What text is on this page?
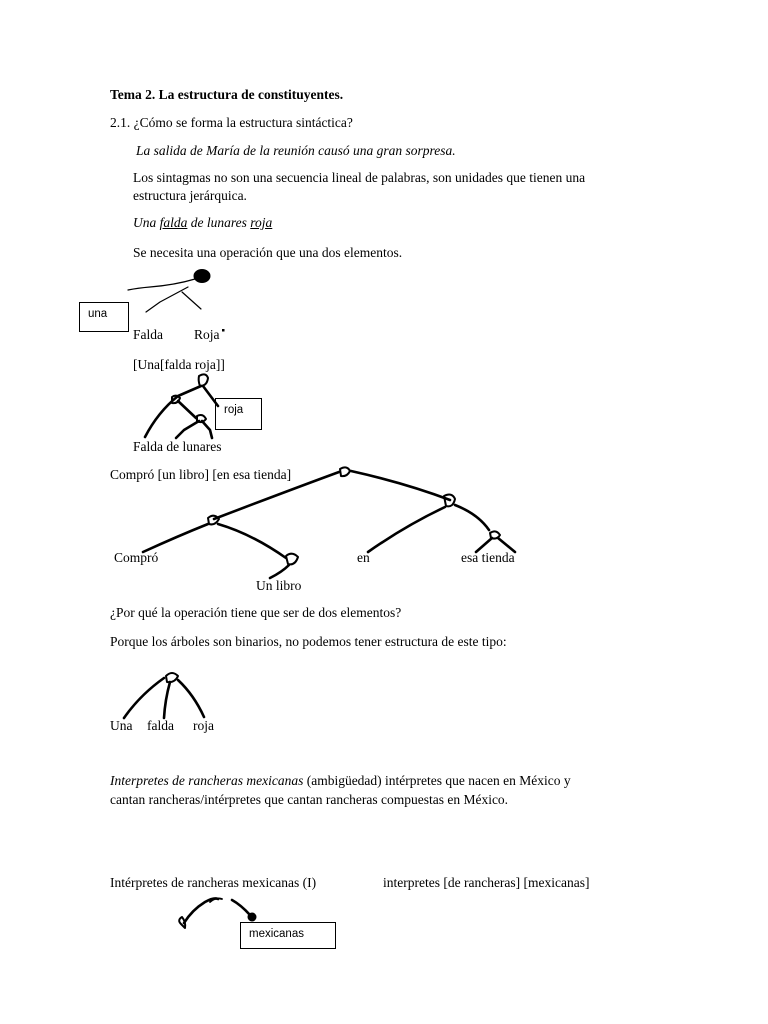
Tema 2. La estructura de constituyentes.
2.1. ¿Cómo se forma la estructura sintáctica?
La salida de María de la reunión causó una gran sorpresa.
Los sintagmas no son una secuencia lineal de palabras, son unidades que tienen una
estructura jerárquica.
Una falda de lunares roja
Se necesita una operación que una dos elementos.
una
Falda Roja
[Una[falda roja]]
roja
Falda de lunares
Compró [un libro] [en esa tienda]
Compró	en	esa tienda
Un libro
¿Por qué la operación tiene que ser de dos elementos?
Porque los árboles son binarios, no podemos tener estructura de este tipo:
Una falda roja
Interpretes de rancheras mexicanas (ambigüedad) intérpretes que nacen en México y
cantan rancheras/intérpretes que cantan rancheras compuestas en México.
Intérpretes de rancheras mexicanas (I)	interpretes [de rancheras] [mexicanas]
mexicanas
